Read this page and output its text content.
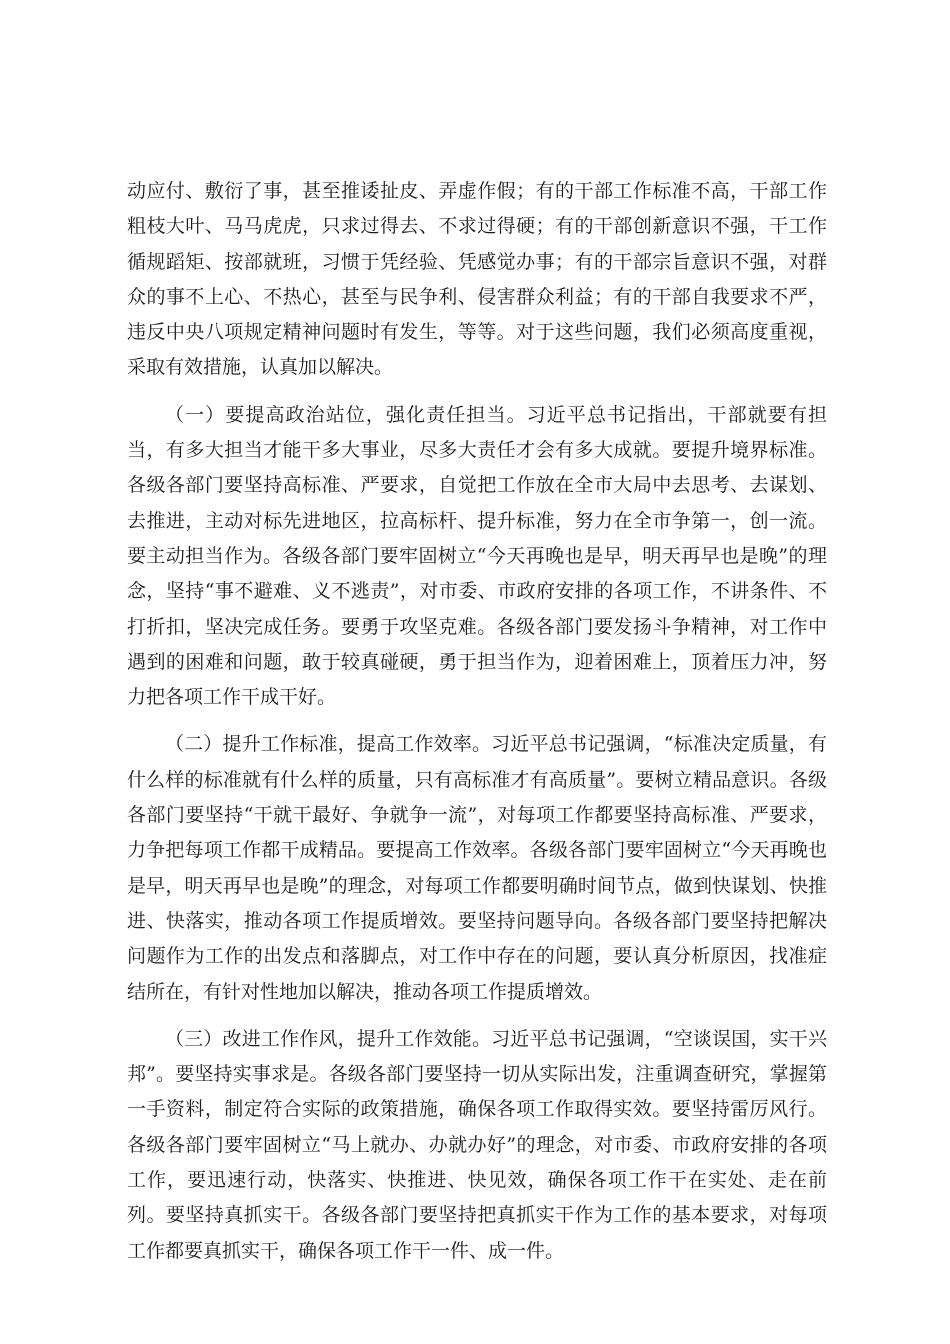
动应付、敷衍了事，甚至推诿扯皮、弄虚作假；有的干部工作标准不高，干部工作粗枝大叶、马马虎虎，只求过得去、不求过得硬；有的干部创新意识不强，干工作循规蹈矩、按部就班，习惯于凭经验、凭感觉办事；有的干部宗旨意识不强，对群众的事不上心、不热心，甚至与民争利、侵害群众利益；有的干部自我要求不严，违反中央八项规定精神问题时有发生，等等。对于这些问题，我们必须高度重视，采取有效措施，认真加以解决。

（一）要提高政治站位，强化责任担当。习近平总书记指出，干部就要有担当，有多大担当才能干多大事业，尽多大责任才会有多大成就。要提升境界标准。各级各部门要坚持高标准、严要求，自觉把工作放在全市大局中去思考、去谋划、去推进，主动对标先进地区，拉高标杆、提升标准，努力在全市争第一，创一流。要主动担当作为。各级各部门要牢固树立“今天再晚也是早，明天再早也是晚”的理念，坚持“事不避难、义不逃责”，对市委、市政府安排的各项工作，不讲条件、不打折扣，坚决完成任务。要勇于攻坚克难。各级各部门要发扬斗争精神，对工作中遇到的困难和问题，敢于较真碰硬，勇于担当作为，迎着困难上，顶着压力冲，努力把各项工作干成干好。

（二）提升工作标准，提高工作效率。习近平总书记强调，“标准决定质量，有什么样的标准就有什么样的质量，只有高标准才有高质量”。要树立精品意识。各级各部门要坚持“干就干最好、争就争一流”，对每项工作都要坚持高标准、严要求，力争把每项工作都干成精品。要提高工作效率。各级各部门要牢固树立“今天再晚也是早，明天再早也是晚”的理念，对每项工作都要明确时间节点，做到快谋划、快推进、快落实，推动各项工作提质增效。要坚持问题导向。各级各部门要坚持把解决问题作为工作的出发点和落脚点，对工作中存在的问题，要认真分析原因，找准症结所在，有针对性地加以解决，推动各项工作提质增效。

（三）改进工作作风，提升工作效能。习近平总书记强调，“空谈误国，实干兴邦”。要坚持实事求是。各级各部门要坚持一切从实际出发，注重调查研究，掌握第一手资料，制定符合实际的政策措施，确保各项工作取得实效。要坚持雷厉风行。各级各部门要牢固树立“马上就办、办就办好”的理念，对市委、市政府安排的各项工作，要迅速行动，快落实、快推进、快见效，确保各项工作干在实处、走在前列。要坚持真抓实干。各级各部门要坚持把真抓实干作为工作的基本要求，对每项工作都要真抓实干，确保各项工作干一件、成一件。
